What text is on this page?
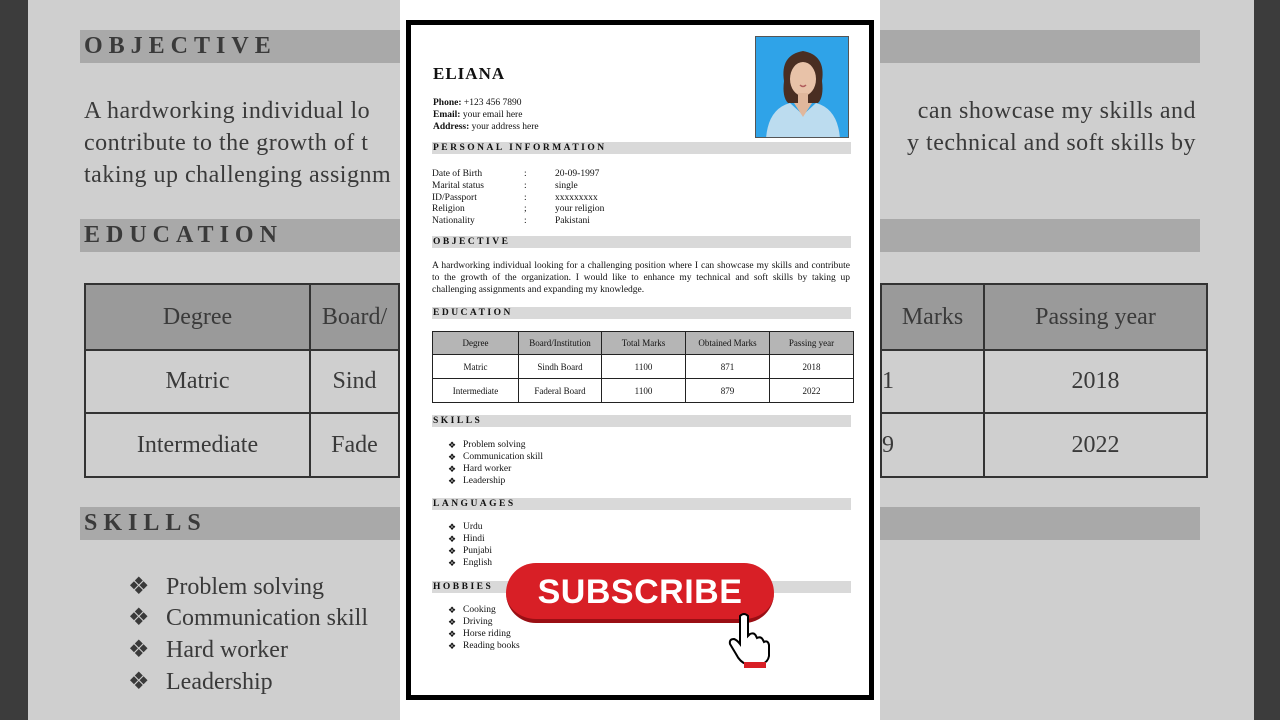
OBJECTIVE
A hardworking individual lo
contribute to the growth of t
taking up challenging assignm
can showcase my skills and
y technical and soft skills by
EDUCATION
Degree	Board/
Matric	Sind
Intermediate	Fade
Marks	Passing year
1	2018
9	2022
SKILLS
❖ Problem solving
❖ Communication skill
❖ Hard worker
❖ Leadership
ELIANA
Phone: +123 456 7890
Email: your email here
Address: your address here
PERSONAL INFORMATION
Date of Birth	:	20-09-1997
Marital status	:	single
ID/Passport	:	xxxxxxxxx
Religion	;	your religion
Nationality	:	Pakistani
OBJECTIVE
A hardworking individual looking for a challenging position where I can showcase my skills and contribute to the growth of the organization. I would like to enhance my technical and soft skills by taking up challenging assignments and expanding my knowledge.
EDUCATION
Degree	Board/Institution	Total Marks	Obtained Marks	Passing year
Matric	Sindh Board	1100	871	2018
Intermediate	Faderal Board	1100	879	2022
SKILLS
❖ Problem solving
❖ Communication skill
❖ Hard worker
❖ Leadership
LANGUAGES
❖ Urdu
❖ Hindi
❖ Punjabi
❖ English
HOBBIES
❖ Cooking
❖ Driving
❖ Horse riding
❖ Reading books
SUBSCRIBE
